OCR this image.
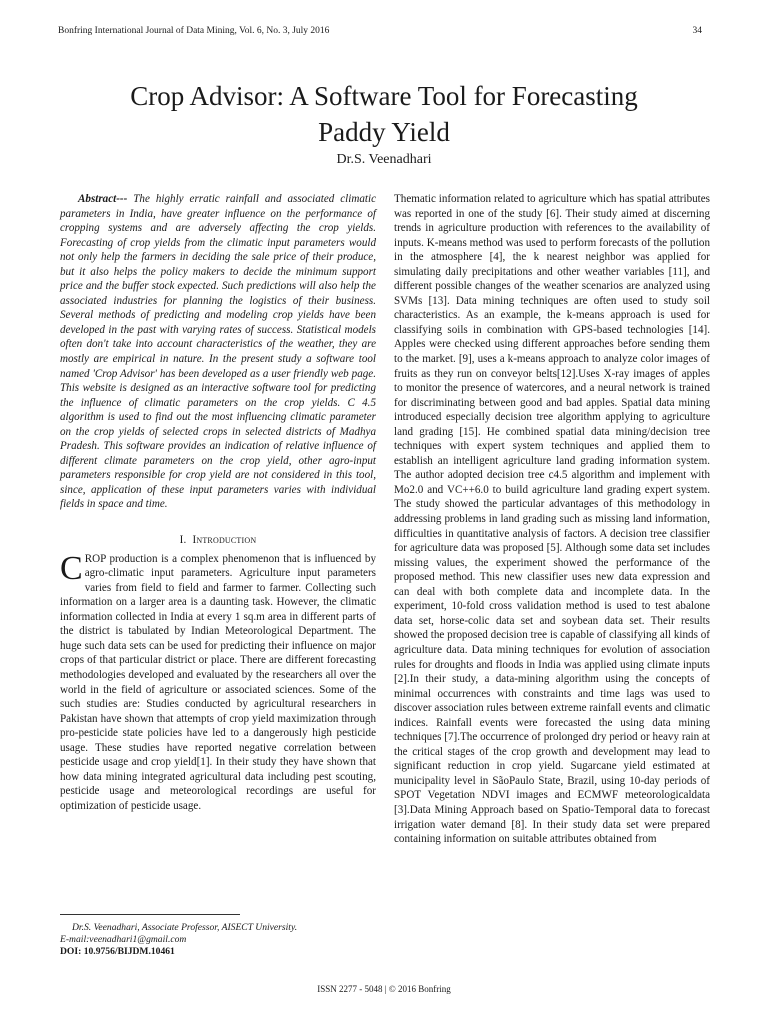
Bonfring International Journal of Data Mining, Vol. 6, No. 3, July 2016	34
Crop Advisor: A Software Tool for Forecasting
Paddy Yield
Dr.S. Veenadhari

Abstract--- The highly erratic rainfall and associated climatic parameters in India, have greater influence on the performance of cropping systems and are adversely affecting the crop yields. Forecasting of crop yields from the climatic input parameters would not only help the farmers in deciding the sale price of their produce, but it also helps the policy makers to decide the minimum support price and the buffer stock expected. Such predictions will also help the associated industries for planning the logistics of their business. Several methods of predicting and modeling crop yields have been developed in the past with varying rates of success. Statistical models often don't take into account characteristics of the weather, they are mostly are empirical in nature. In the present study a software tool named 'Crop Advisor' has been developed as a user friendly web page. This website is designed as an interactive software tool for predicting the influence of climatic parameters on the crop yields. C 4.5 algorithm is used to find out the most influencing climatic parameter on the crop yields of selected crops in selected districts of Madhya Pradesh. This software provides an indication of relative influence of different climate parameters on the crop yield, other agro-input parameters responsible for crop yield are not considered in this tool, since, application of these input parameters varies with individual fields in space and time.

I. Introduction

CROP production is a complex phenomenon that is influenced by agro-climatic input parameters. Agriculture input parameters varies from field to field and farmer to farmer. Collecting such information on a larger area is a daunting task. However, the climatic information collected in India at every 1 sq.m area in different parts of the district is tabulated by Indian Meteorological Department. The huge such data sets can be used for predicting their influence on major crops of that particular district or place. There are different forecasting methodologies developed and evaluated by the researchers all over the world in the field of agriculture or associated sciences. Some of the such studies are: Studies conducted by agricultural researchers in Pakistan have shown that attempts of crop yield maximization through pro-pesticide state policies have led to a dangerously high pesticide usage. These studies have reported negative correlation between pesticide usage and crop yield[1]. In their study they have shown that how data mining integrated agricultural data including pest scouting, pesticide usage and meteorological recordings are useful for optimization of pesticide usage.

Thematic information related to agriculture which has spatial attributes was reported in one of the study [6]. Their study aimed at discerning trends in agriculture production with references to the availability of inputs. K-means method was used to perform forecasts of the pollution in the atmosphere [4], the k nearest neighbor was applied for simulating daily precipitations and other weather variables [11], and different possible changes of the weather scenarios are analyzed using SVMs [13]. Data mining techniques are often used to study soil characteristics. As an example, the k-means approach is used for classifying soils in combination with GPS-based technologies [14]. Apples were checked using different approaches before sending them to the market. [9], uses a k-means approach to analyze color images of fruits as they run on conveyor belts[12].Uses X-ray images of apples to monitor the presence of watercores, and a neural network is trained for discriminating between good and bad apples. Spatial data mining introduced especially decision tree algorithm applying to agriculture land grading [15]. He combined spatial data mining/decision tree techniques with expert system techniques and applied them to establish an intelligent agriculture land grading information system. The author adopted decision tree c4.5 algorithm and implement with Mo2.0 and VC++6.0 to build agriculture land grading expert system. The study showed the particular advantages of this methodology in addressing problems in land grading such as missing land information, difficulties in quantitative analysis of factors. A decision tree classifier for agriculture data was proposed [5]. Although some data set includes missing values, the experiment showed the performance of the proposed method. This new classifier uses new data expression and can deal with both complete data and incomplete data. In the experiment, 10-fold cross validation method is used to test abalone data set, horse-colic data set and soybean data set. Their results showed the proposed decision tree is capable of classifying all kinds of agriculture data. Data mining techniques for evolution of association rules for droughts and floods in India was applied using climate inputs [2].In their study, a data-mining algorithm using the concepts of minimal occurrences with constraints and time lags was used to discover association rules between extreme rainfall events and climatic indices. Rainfall events were forecasted the using data mining techniques [7].The occurrence of prolonged dry period or heavy rain at the critical stages of the crop growth and development may lead to significant reduction in crop yield. Sugarcane yield estimated at municipality level in SãoPaulo State, Brazil, using 10-day periods of SPOT Vegetation NDVI images and ECMWF meteorologicaldata [3].Data Mining Approach based on Spatio-Temporal data to forecast irrigation water demand [8]. In their study data set were prepared containing information on suitable attributes obtained from

Dr.S. Veenadhari, Associate Professor, AISECT University.

E-mail:veenadhari1@gmail.com

DOI: 10.9756/BIJDM.10461

ISSN 2277 - 5048 | © 2016 Bonfring
